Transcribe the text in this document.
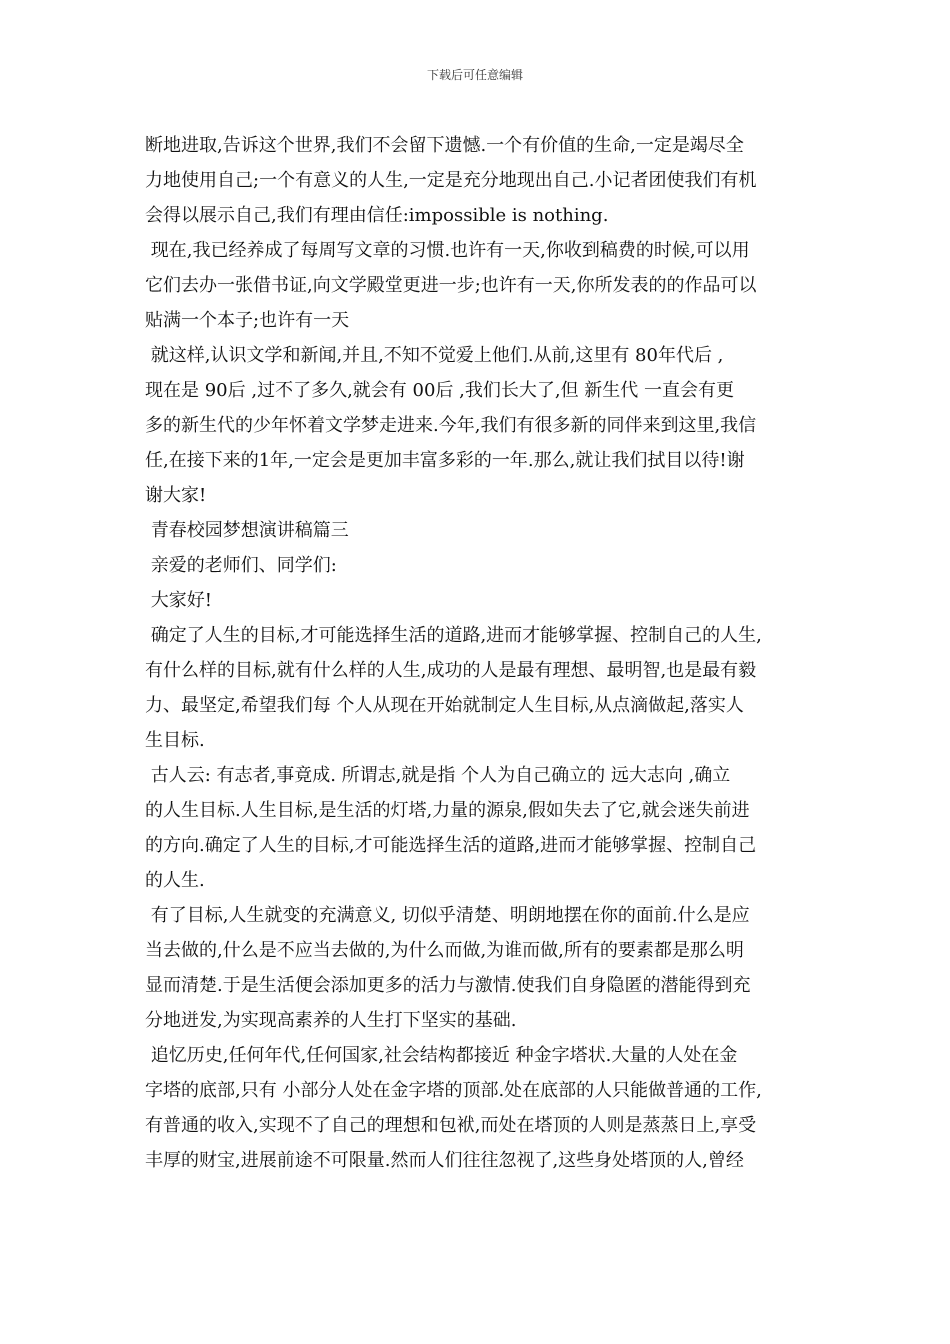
下载后可任意编辑
断地进取,告诉这个世界,我们不会留下遗憾.一个有价值的生命,一定是竭尽全
力地使用自己;一个有意义的人生,一定是充分地现出自己.小记者团使我们有机
会得以展示自己,我们有理由信任:impossible is nothing.
现在,我已经养成了每周写文章的习惯.也许有一天,你收到稿费的时候,可以用
它们去办一张借书证,向文学殿堂更进一步;也许有一天,你所发表的的作品可以
贴满一个本子;也许有一天
就这样,认识文学和新闻,并且,不知不觉爱上他们.从前,这里有 80年代后 ,
现在是 90后 ,过不了多久,就会有 00后 ,我们长大了,但 新生代 一直会有更
多的新生代的少年怀着文学梦走进来.今年,我们有很多新的同伴来到这里,我信
任,在接下来的1年,一定会是更加丰富多彩的一年.那么,就让我们拭目以待!谢
谢大家!
青春校园梦想演讲稿篇三
亲爱的老师们、同学们:
大家好!
确定了人生的目标,才可能选择生活的道路,进而才能够掌握、控制自己的人生,
有什么样的目标,就有什么样的人生,成功的人是最有理想、最明智,也是最有毅
力、最坚定,希望我们每 个人从现在开始就制定人生目标,从点滴做起,落实人
生目标.
古人云: 有志者,事竟成. 所谓志,就是指 个人为自己确立的 远大志向 ,确立
的人生目标.人生目标,是生活的灯塔,力量的源泉,假如失去了它,就会迷失前进
的方向.确定了人生的目标,才可能选择生活的道路,进而才能够掌握、控制自己
的人生.
有了目标,人生就变的充满意义, 切似乎清楚、明朗地摆在你的面前.什么是应
当去做的,什么是不应当去做的,为什么而做,为谁而做,所有的要素都是那么明
显而清楚.于是生活便会添加更多的活力与激情.使我们自身隐匿的潜能得到充
分地迸发,为实现高素养的人生打下坚实的基础.
追忆历史,任何年代,任何国家,社会结构都接近 种金字塔状.大量的人处在金
字塔的底部,只有 小部分人处在金字塔的顶部.处在底部的人只能做普通的工作,
有普通的收入,实现不了自己的理想和包袱,而处在塔顶的人则是蒸蒸日上,享受
丰厚的财宝,进展前途不可限量.然而人们往往忽视了,这些身处塔顶的人,曾经
